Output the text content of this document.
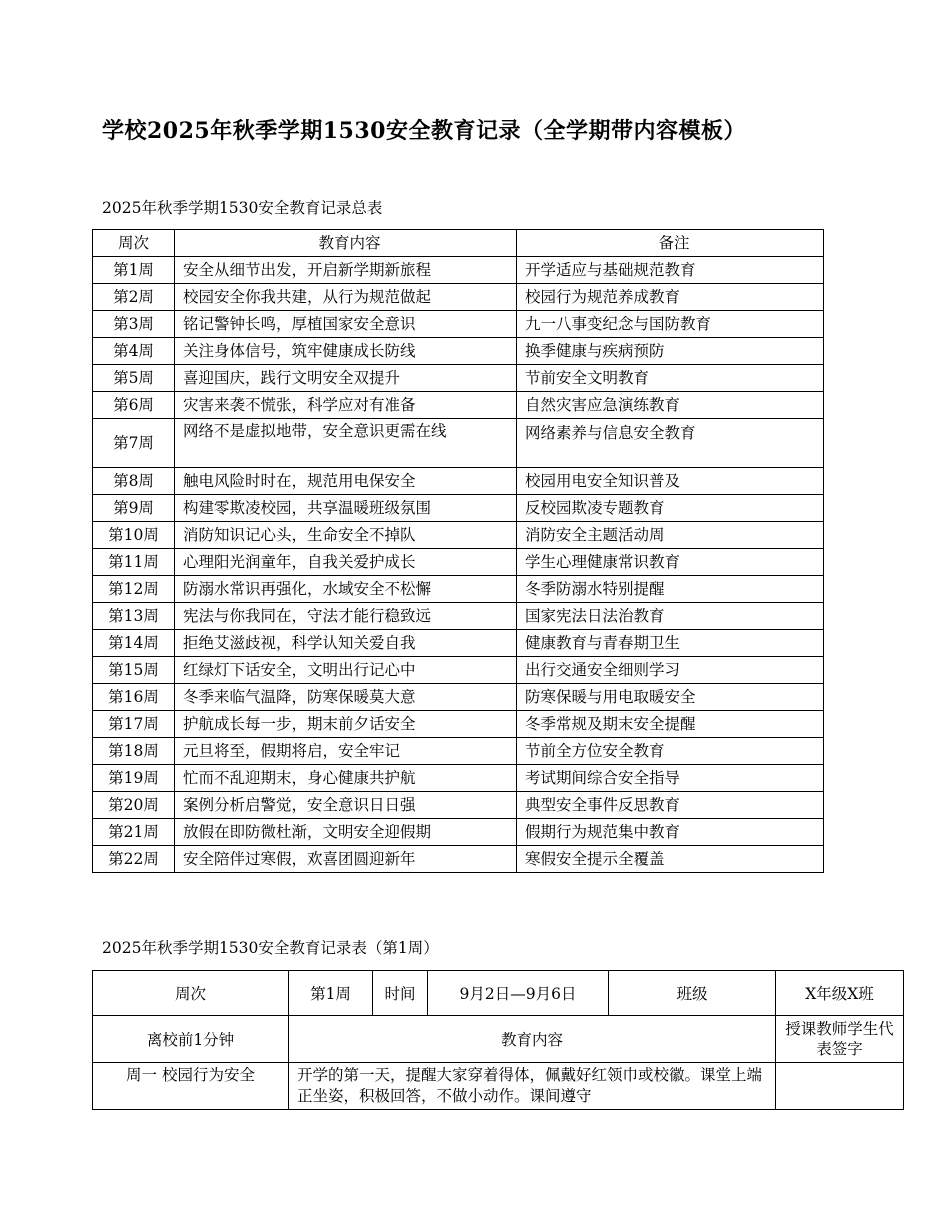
学校2025年秋季学期1530安全教育记录（全学期带内容模板）
2025年秋季学期1530安全教育记录总表
周次	教育内容	备注
第1周	安全从细节出发，开启新学期新旅程	开学适应与基础规范教育
第2周	校园安全你我共建，从行为规范做起	校园行为规范养成教育
第3周	铭记警钟长鸣，厚植国家安全意识	九一八事变纪念与国防教育
第4周	关注身体信号，筑牢健康成长防线	换季健康与疾病预防
第5周	喜迎国庆，践行文明安全双提升	节前安全文明教育
第6周	灾害来袭不慌张，科学应对有准备	自然灾害应急演练教育
第7周	网络不是虚拟地带，安全意识更需在线	网络素养与信息安全教育
第8周	触电风险时时在，规范用电保安全	校园用电安全知识普及
第9周	构建零欺凌校园，共享温暖班级氛围	反校园欺凌专题教育
第10周	消防知识记心头，生命安全不掉队	消防安全主题活动周
第11周	心理阳光润童年，自我关爱护成长	学生心理健康常识教育
第12周	防溺水常识再强化，水域安全不松懈	冬季防溺水特别提醒
第13周	宪法与你我同在，守法才能行稳致远	国家宪法日法治教育
第14周	拒绝艾滋歧视，科学认知关爱自我	健康教育与青春期卫生
第15周	红绿灯下话安全，文明出行记心中	出行交通安全细则学习
第16周	冬季来临气温降，防寒保暖莫大意	防寒保暖与用电取暖安全
第17周	护航成长每一步，期末前夕话安全	冬季常规及期末安全提醒
第18周	元旦将至，假期将启，安全牢记	节前全方位安全教育
第19周	忙而不乱迎期末，身心健康共护航	考试期间综合安全指导
第20周	案例分析启警觉，安全意识日日强	典型安全事件反思教育
第21周	放假在即防微杜渐，文明安全迎假期	假期行为规范集中教育
第22周	安全陪伴过寒假，欢喜团圆迎新年	寒假安全提示全覆盖
2025年秋季学期1530安全教育记录表（第1周）
周次	第1周	时间	9月2日—9月6日	班级	X年级X班
离校前1分钟	教育内容				授课教师学生代表签字
周一 校园行为安全	开学的第一天，提醒大家穿着得体，佩戴好红领巾或校徽。课堂上端正坐姿，积极回答，不做小动作。课间遵守				
